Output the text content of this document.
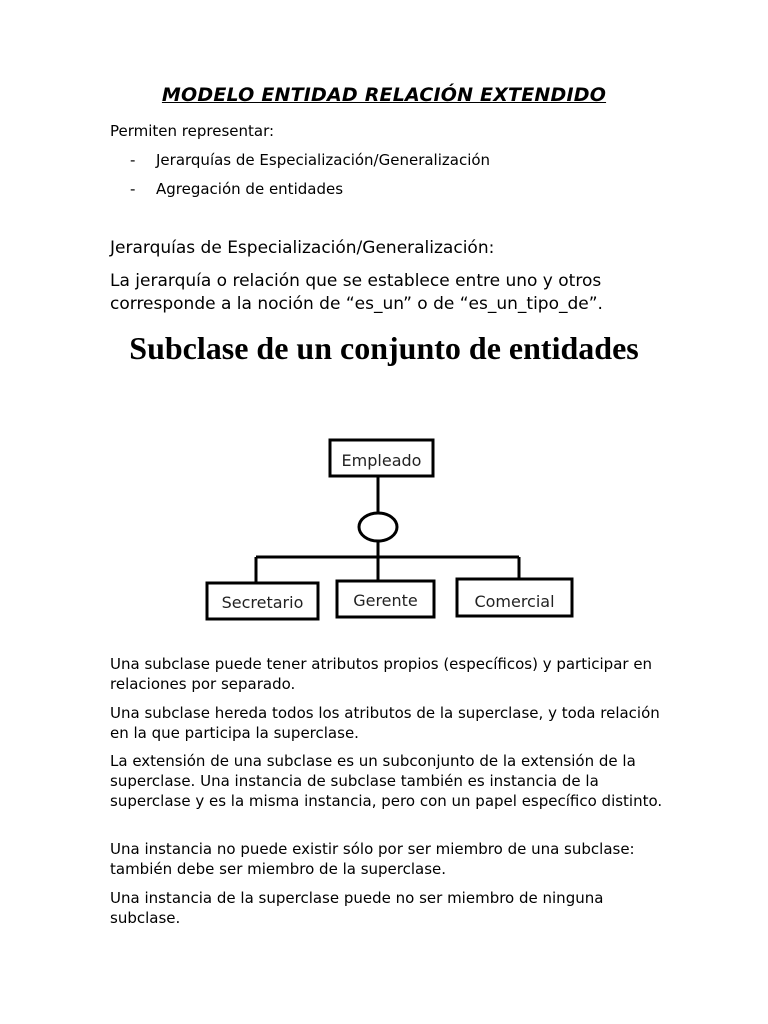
MODELO ENTIDAD RELACIÓN EXTENDIDO

Permiten representar:

- Jerarquías de Especialización/Generalización
- Agregación de entidades

Jerarquías de Especialización/Generalización:

La jerarquía o relación que se establece entre uno y otros corresponde a la noción de “es_un” o de “es_un_tipo_de”.

Subclase de un conjunto de entidades
Empleado
Secretario	Gerente	Comercial

Una subclase puede tener atributos propios (específicos) y participar en relaciones por separado.

Una subclase hereda todos los atributos de la superclase, y toda relación en la que participa la superclase.

La extensión de una subclase es un subconjunto de la extensión de la superclase. Una instancia de subclase también es instancia de la superclase y es la misma instancia, pero con un papel específico distinto.

Una instancia no puede existir sólo por ser miembro de una subclase: también debe ser miembro de la superclase.

Una instancia de la superclase puede no ser miembro de ninguna subclase.
